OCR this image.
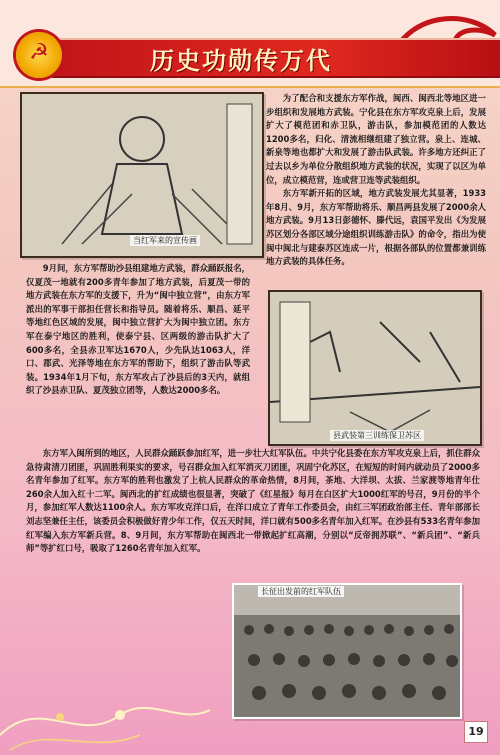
☭	历史功勋传万代
当红军来的宣传画

为了配合和支援东方军作战，闽西、闽西北等地区进一步组织和发展地方武装。宁化县在东方军攻克泉上后，发展扩大了模范团和赤卫队，游击队，参加模范团的人数达1200多名，归化、清流相继组建了独立营。泉上、连城、新泉等地也都扩大和发展了游击队武装。许多地方还纠正了过去以乡为单位分散组织地方武装的状况，实现了以区为单位，成立模范营，连或营卫连等武装组织。

东方军新开拓的区域，地方武装发展尤其显著，1933年8月、9月，东方军帮助将乐、顺昌两县发展了2000余人地方武装。9月13日彭德怀、滕代远，袁国平发出《为发展苏区划分各部区域分途组织训练游击队》的命令，指出为使闽中闽北与建泰苏区连成一片，根据各部队的位置都兼训练地方武装的具体任务。

9月间，东方军帮助沙县组建地方武装，群众踊跃报名，仅夏茂一地就有200多青年参加了地方武装，后夏茂一带的地方武装在东方军的支援下，升为“闽中独立营”，由东方军派出的军事干部担任营长和指导员。随着将乐、顺昌、延平等地红色区域的发展，闽中独立营扩大为闽中独立团。东方军在泰宁地区的胜利，使泰宁县、区两级的游击队扩大了600多名，全县赤卫军达1670人，少先队达1063人，洋口、郡武、光泽等地在东方军的帮助下，组织了游击队等武装。1934年1月下旬，东方军攻占了沙县后的3天内，就组织了沙县赤卫队、夏茂独立团等，人数达2000多名。

县武装第三训练保卫苏区

东方军入闽所到的地区，人民群众踊跃参加红军，进一步壮大红军队伍。中共宁化县委在东方军攻克泉上后，抓住群众急待肃清刀团匪，巩固胜利果实的要求，号召群众加入红军消灭刀团匪，巩固宁化苏区，在短短的时间内就动员了2000多名青年参加了红军。东方军的胜利也激发了上杭人民群众的革命热情，8月间，茶地、大洋坝、太拔、兰家渡等地青年仕260余人加入红十二军。闽西北的扩红成绩也很显著，突破了《红星报》每月在白区扩大1000红军的号召，9月份的半个月，参加红军人数达1100余人。东方军攻克洋口后，在洋口成立了青年工作委员会，由红三军团政治部主任、青年部部长刘志坚兼任主任，该委员会积极做好青少年工作，仅五天时间，洋口就有500多名青年加入红军。在沙县有533名青年参加红军编入东方军新兵营。8、9月间，东方军帮助在闽西北一带掀起扩红高潮，分别以“反帝拥苏联”、“新兵团”、“新兵师”等扩红口号，吸取了1260名青年加入红军。

长征出发前的红军队伍
19
